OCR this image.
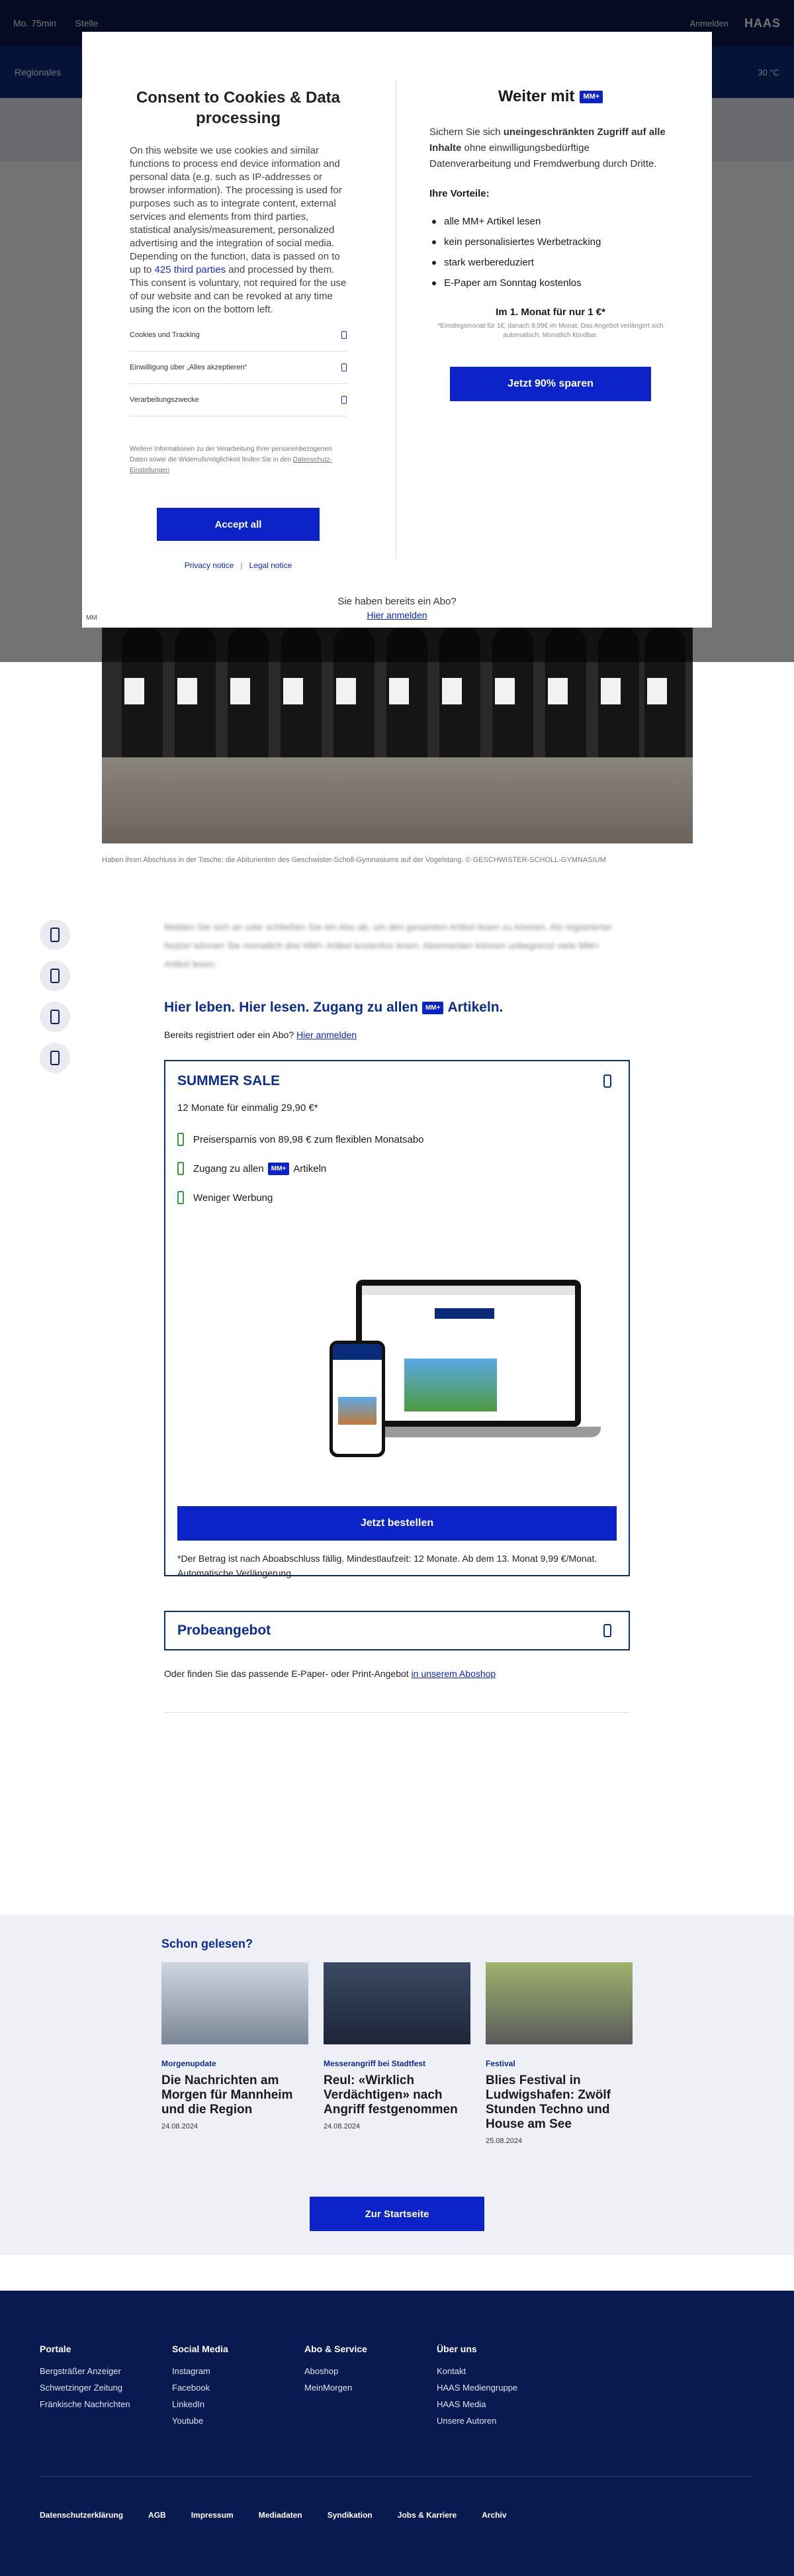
Haben ihren Abschluss in der Tasche: die Abiturienten des Geschwister-Scholl-Gymnasiums auf der Vogelstang. © GESCHWISTER-SCHOLL-GYMNASIUM
Melden Sie sich an oder schließen Sie ein Abo ab, um den gesamten Artikel lesen zu können. Als registrierter Nutzer können Sie monatlich drei MM+ Artikel kostenlos lesen. Abonnenten können unbegrenzt viele MM+ Artikel lesen.
Hier leben. Hier lesen. Zugang zu allen	MM+ Artikeln.
Bereits registriert oder ein Abo? Hier anmelden
SUMMER SALE
12 Monate für einmalig 29,90 €*
Preisersparnis von 89,98 € zum flexiblen Monatsabo
Zugang zu allen	MM+ Artikeln
Weniger Werbung
Jetzt bestellen
*Der Betrag ist nach Aboabschluss fällig. Mindestlaufzeit: 12 Monate. Ab dem 13. Monat 9,99 €/Monat. Automatische Verlängerung.
Probeangebot
Oder finden Sie das passende E-Paper- oder Print-Angebot in unserem Aboshop
Schon gelesen?
Morgenupdate
Die Nachrichten am Morgen für Mannheim und die Region
24.08.2024
Messerangriff bei Stadtfest
Reul: «Wirklich Verdächtigen» nach Angriff festgenommen
24.08.2024
Festival
Blies Festival in Ludwigshafen: Zwölf Stunden Techno und House am See
25.08.2024
Zur Startseite
Portale
Bergsträßer Anzeiger
Schwetzinger Zeitung
Fränkische Nachrichten
Social Media
Instagram
Facebook
LinkedIn
Youtube
Abo & Service
Aboshop
MeinMorgen
Über uns
Kontakt
HAAS Mediengruppe
HAAS Media
Unsere Autoren
Datenschutzerklärung	AGB	Impressum	Mediadaten	Syndikation	Jobs & Karriere	Archiv
Consent to Cookies & Data processing

On this website we use cookies and similar functions to process end device information and personal data (e.g. such as IP-addresses or browser information). The processing is used for purposes such as to integrate content, external services and elements from third parties, statistical analysis/measurement, personalized advertising and the integration of social media. Depending on the function, data is passed on to up to 425 third parties and processed by them. This consent is voluntary, not required for the use of our website and can be revoked at any time using the icon on the bottom left.

Cookies und Tracking
Einwilligung über „Alles akzeptieren“
Verarbeitungszwecke

Weitere Informationen zu der Verarbeitung Ihrer personenbezogenen Daten sowie die Widerrufsmöglichkeit finden Sie in den Datenschutz-Einstellungen

Accept all
Privacy notice | Legal notice
Weiter mit	MM+

Sichern Sie sich uneingeschränkten Zugriff auf alle Inhalte ohne einwilligungsbedürftige Datenverarbeitung und Fremdwerbung durch Dritte.

Ihre Vorteile:
alle MM+ Artikel lesen
kein personalisiertes Werbetracking
stark werbereduziert
E-Paper am Sonntag kostenlos
Im 1. Monat für nur 1 €*
*Einstiegsmonat für 1€, danach 9,99€ im Monat. Das Angebot verlängert sich automatisch. Monatlich kündbar.
Jetzt 90% sparen
Sie haben bereits ein Abo?
Hier anmelden
MM
